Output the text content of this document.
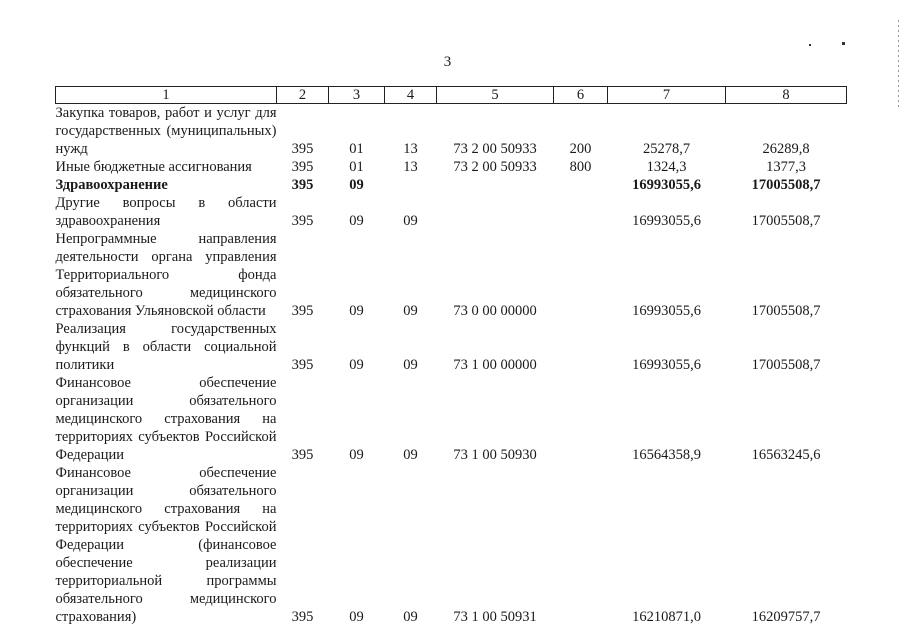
3
1	2	3	4	5	6	7	8
Закупка товаров, работ и услуг для государственных (муниципальных) нужд	395	01	13	73 2 00 50933	200	25278,7	26289,8
Иные бюджетные ассигнования	395	01	13	73 2 00 50933	800	1324,3	1377,3
Здравоохранение	395	09				16993055,6	17005508,7
Другие вопросы в области здравоохранения	395	09	09			16993055,6	17005508,7
Непрограммные направления деятельности органа управления Территориального фонда обязательного медицинского страхования Ульяновской области	395	09	09	73 0 00 00000		16993055,6	17005508,7
Реализация государственных функций в области социальной политики	395	09	09	73 1 00 00000		16993055,6	17005508,7
Финансовое обеспечение организации обязательного медицинского страхования на территориях субъектов Российской Федерации	395	09	09	73 1 00 50930		16564358,9	16563245,6
Финансовое обеспечение организации обязательного медицинского страхования на территориях субъектов Российской Федерации (финансовое обеспечение реализации территориальной программы обязательного медицинского страхования)	395	09	09	73 1 00 50931		16210871,0	16209757,7
